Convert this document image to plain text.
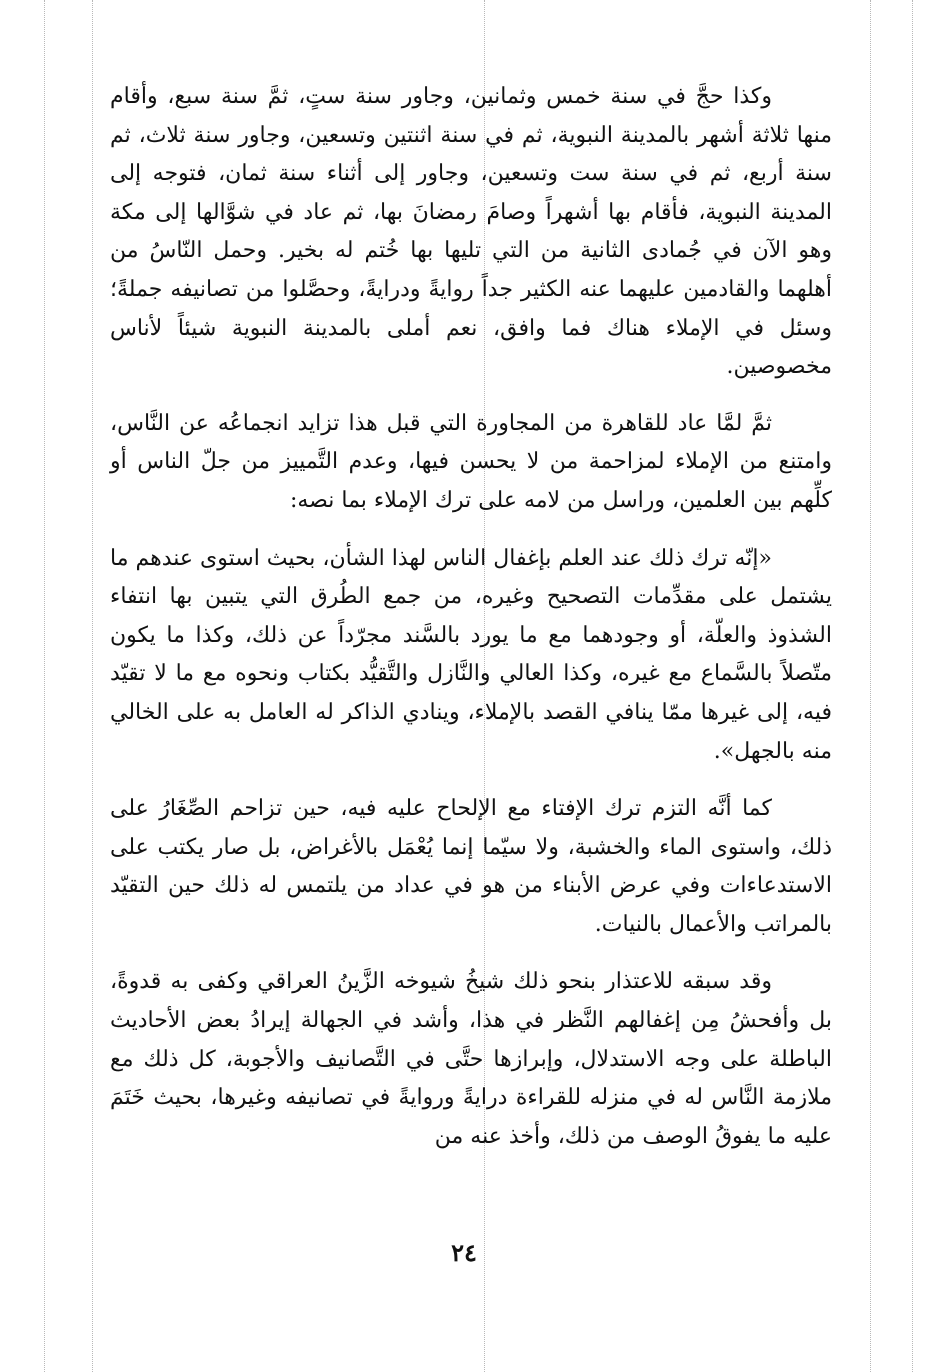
وكذا حجَّ في سنة خمس وثمانين، وجاور سنة ستٍ، ثمَّ سنة سبع، وأقام منها ثلاثة أشهر بالمدينة النبوية، ثم في سنة اثنتين وتسعين، وجاور سنة ثلاث، ثم سنة أربع، ثم في سنة ست وتسعين، وجاور إلى أثناء سنة ثمان، فتوجه إلى المدينة النبوية، فأقام بها أشهراً وصامَ رمضانَ بها، ثم عاد في شوَّالها إلى مكة وهو الآن في جُمادى الثانية من التي تليها بها خُتم له بخير. وحمل النّاسُ من أهلهما والقادمين عليهما عنه الكثير جداً روايةً ودرايةً، وحصَّلوا من تصانيفه جملةً؛ وسئل في الإملاء هناك فما وافق، نعم أملى بالمدينة النبوية شيئاً لأناس مخصوصين.

ثمَّ لمَّا عاد للقاهرة من المجاورة التي قبل هذا تزايد انجماعُه عن النَّاس، وامتنع من الإملاء لمزاحمة من لا يحسن فيها، وعدم التَّمييز من جلّ الناس أو كلِّهم بين العلمين، وراسل من لامه على ترك الإملاء بما نصه:

«إنّه ترك ذلك عند العلم بإغفال الناس لهذا الشأن، بحيث استوى عندهم ما يشتمل على مقدِّمات التصحيح وغيره، من جمع الطُرق التي يتبين بها انتفاء الشذوذ والعلّة، أو وجودهما مع ما يورد بالسَّند مجرّداً عن ذلك، وكذا ما يكون متّصلاً بالسَّماع مع غيره، وكذا العالي والنَّازل والتَّقيُّد بكتاب ونحوه مع ما لا تقيّد فيه، إلى غيرها ممّا ينافي القصد بالإملاء، وينادي الذاكر له العامل به على الخالي منه بالجهل».

كما أنَّه التزم ترك الإفتاء مع الإلحاح عليه فيه، حين تزاحم الصِّغَارُ على ذلك، واستوى الماء والخشبة، ولا سيّما إنما يُعْمَل بالأغراض، بل صار يكتب على الاستدعاءات وفي عرض الأبناء من هو في عداد من يلتمس له ذلك حين التقيّد بالمراتب والأعمال بالنيات.

وقد سبقه للاعتذار بنحو ذلك شيخُ شيوخه الزَّينُ العراقي وكفى به قدوةً، بل وأفحشُ مِن إغفالهم النَّظر في هذا، وأشد في الجهالة إيرادُ بعض الأحاديث الباطلة على وجه الاستدلال، وإبرازها حتَّى في التَّصانيف والأجوبة، كل ذلك مع ملازمة النَّاس له في منزله للقراءة درايةً وروايةً في تصانيفه وغيرها، بحيث خَتَمَ عليه ما يفوقُ الوصف من ذلك، وأخذ عنه من

٢٤
